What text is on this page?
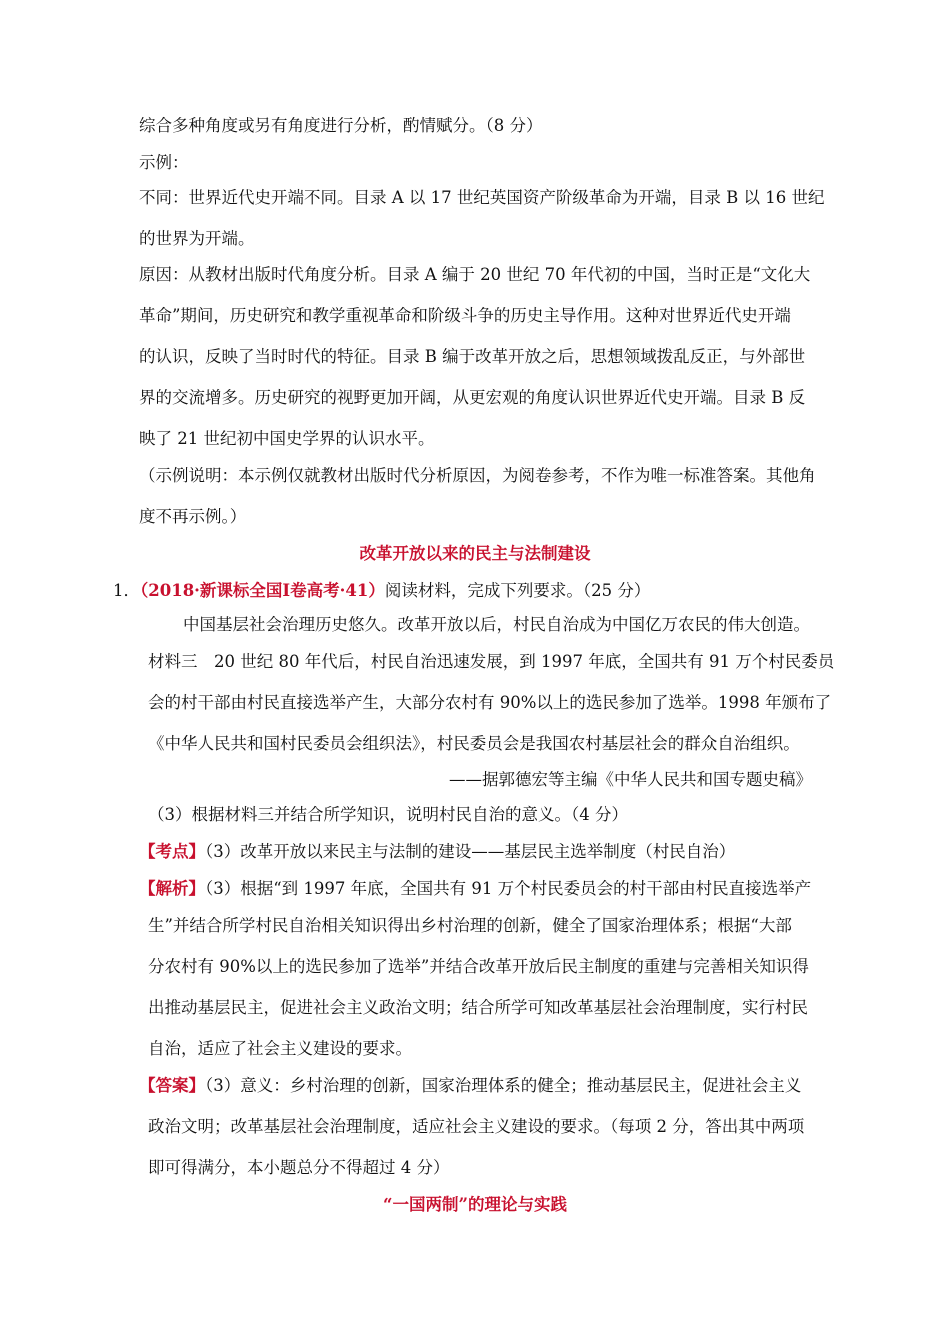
综合多种角度或另有角度进行分析，酌情赋分。（8 分）

示例：

不同：世界近代史开端不同。目录 A 以 17 世纪英国资产阶级革命为开端，目录 B 以 16 世纪

的世界为开端。

原因：从教材出版时代角度分析。目录 A 编于 20 世纪 70 年代初的中国，当时正是“文化大

革命”期间，历史研究和教学重视革命和阶级斗争的历史主导作用。这种对世界近代史开端

的认识，反映了当时时代的特征。目录 B 编于改革开放之后，思想领域拨乱反正，与外部世

界的交流增多。历史研究的视野更加开阔，从更宏观的角度认识世界近代史开端。目录 B 反

映了 21 世纪初中国史学界的认识水平。

（示例说明：本示例仅就教材出版时代分析原因，为阅卷参考，不作为唯一标准答案。其他角

度不再示例。）

改革开放以来的民主与法制建设

1．（2018·新课标全国Ⅰ卷高考·41）阅读材料，完成下列要求。（25 分）

中国基层社会治理历史悠久。改革开放以后，村民自治成为中国亿万农民的伟大创造。

材料三　20 世纪 80 年代后，村民自治迅速发展，到 1997 年底，全国共有 91 万个村民委员

会的村干部由村民直接选举产生，大部分农村有 90%以上的选民参加了选举。1998 年颁布了

《中华人民共和国村民委员会组织法》，村民委员会是我国农村基层社会的群众自治组织。

——据郭德宏等主编《中华人民共和国专题史稿》

（3）根据材料三并结合所学知识，说明村民自治的意义。（4 分）

【考点】（3）改革开放以来民主与法制的建设——基层民主选举制度（村民自治）

【解析】（3）根据“到 1997 年底，全国共有 91 万个村民委员会的村干部由村民直接选举产

生”并结合所学村民自治相关知识得出乡村治理的创新，健全了国家治理体系；根据“大部

分农村有 90%以上的选民参加了选举”并结合改革开放后民主制度的重建与完善相关知识得

出推动基层民主，促进社会主义政治文明；结合所学可知改革基层社会治理制度，实行村民

自治，适应了社会主义建设的要求。

【答案】（3）意义：乡村治理的创新，国家治理体系的健全；推动基层民主，促进社会主义

政治文明；改革基层社会治理制度，适应社会主义建设的要求。（每项 2 分，答出其中两项

即可得满分，本小题总分不得超过 4 分）

“一国两制”的理论与实践
